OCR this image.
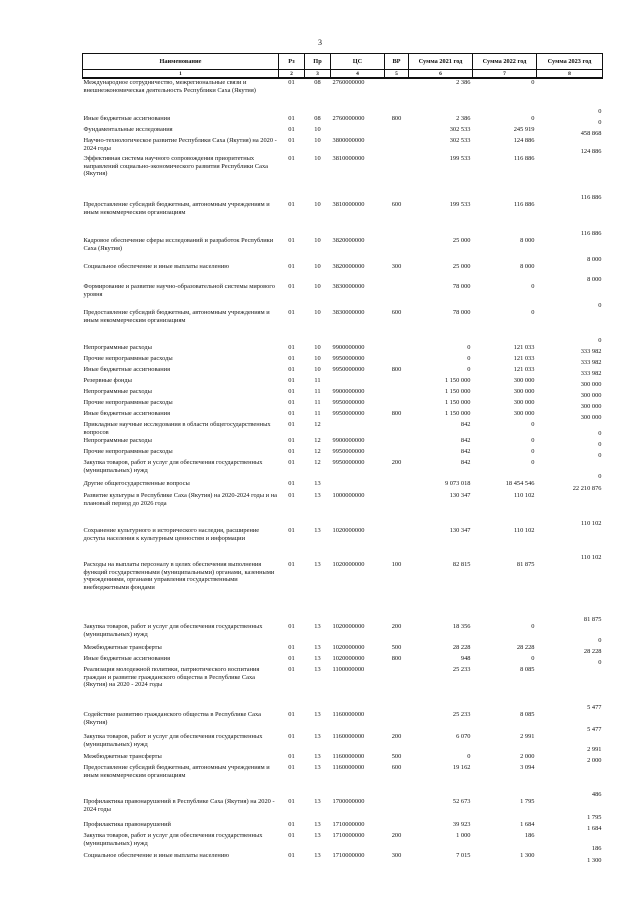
3
Наименование	Рз	Пр	ЦС	ВР	Сумма 2021 год	Сумма 2022 год	Сумма 2023 год
1	2	3	4	5	6	7	8
Международное сотрудничество, межрегиональные связи и внешнеэкономическая деятельность Республики Саха (Якутия)	01	08	2760000000		2 386	0	0
Иные бюджетные ассигнования	01	08	2760000000	800	2 386	0	0
Фундаментальные исследования	01	10			302 533	245 919	458 868
Научно-технологическое развитие Республики Саха (Якутия) на 2020 - 2024 годы	01	10	3800000000		302 533	124 886	124 886
Эффективная система научного сопровождения приоритетных направлений социально-экономического развития Республики Саха (Якутия)	01	10	3810000000		199 533	116 886	116 886
Предоставление субсидий бюджетным, автономным учреждениям и иным некоммерческим организациям	01	10	3810000000	600	199 533	116 886	116 886
Кадровое обеспечение сферы исследований и разработок Республики Саха (Якутия)	01	10	3820000000		25 000	8 000	8 000
Социальное обеспечение и иные выплаты населению	01	10	3820000000	300	25 000	8 000	8 000
Формирование и развитие научно-образовательной системы мирового уровня	01	10	3830000000		78 000	0	0
Предоставление субсидий бюджетным, автономным учреждениям и иным некоммерческим организациям	01	10	3830000000	600	78 000	0	0
Непрограммные расходы	01	10	9900000000		0	121 033	333 982
Прочие непрограммные расходы	01	10	9950000000		0	121 033	333 982
Иные бюджетные ассигнования	01	10	9950000000	800	0	121 033	333 982
Резервные фонды	01	11			1 150 000	300 000	300 000
Непрограммные расходы	01	11	9900000000		1 150 000	300 000	300 000
Прочие непрограммные расходы	01	11	9950000000		1 150 000	300 000	300 000
Иные бюджетные ассигнования	01	11	9950000000	800	1 150 000	300 000	300 000
Прикладные научные исследования в области общегосударственных вопросов	01	12			842	0	0
Непрограммные расходы	01	12	9900000000		842	0	0
Прочие непрограммные расходы	01	12	9950000000		842	0	0
Закупка товаров, работ и услуг для обеспечения государственных (муниципальных) нужд	01	12	9950000000	200	842	0	0
Другие общегосударственные вопросы	01	13			9 073 018	18 454 546	22 210 876
Развитие культуры в Республике Саха (Якутия) на 2020-2024 годы и на плановый период до 2026 года	01	13	1000000000		130 347	110 102	110 102
Сохранение культурного и исторического наследия, расширение доступа населения к культурным ценностям и информации	01	13	1020000000		130 347	110 102	110 102
Расходы на выплаты персоналу в целях обеспечения выполнения функций государственными (муниципальными) органами, казенными учреждениями, органами управления государственными внебюджетными фондами	01	13	1020000000	100	82 815	81 875	81 875
Закупка товаров, работ и услуг для обеспечения государственных (муниципальных) нужд	01	13	1020000000	200	18 356	0	0
Межбюджетные трансферты	01	13	1020000000	500	28 228	28 228	28 228
Иные бюджетные ассигнования	01	13	1020000000	800	948	0	0
Реализация молодежной политики, патриотического воспитания граждан и развитие гражданского общества в Республике Саха (Якутия) на 2020 - 2024 годы	01	13	1100000000		25 233	8 085	5 477
Содействие развитию гражданского общества в Республике Саха (Якутия)	01	13	1160000000		25 233	8 085	5 477
Закупка товаров, работ и услуг для обеспечения государственных (муниципальных) нужд	01	13	1160000000	200	6 070	2 991	2 991
Межбюджетные трансферты	01	13	1160000000	500	0	2 000	2 000
Предоставление субсидий бюджетным, автономным учреждениям и иным некоммерческим организациям	01	13	1160000000	600	19 162	3 094	486
Профилактика правонарушений в Республике Саха (Якутия) на 2020 - 2024 годы	01	13	1700000000		52 673	1 795	1 795
Профилактика правонарушений	01	13	1710000000		39 923	1 684	1 684
Закупка товаров, работ и услуг для обеспечения государственных (муниципальных) нужд	01	13	1710000000	200	1 000	186	186
Социальное обеспечение и иные выплаты населению	01	13	1710000000	300	7 015	1 300	1 300
